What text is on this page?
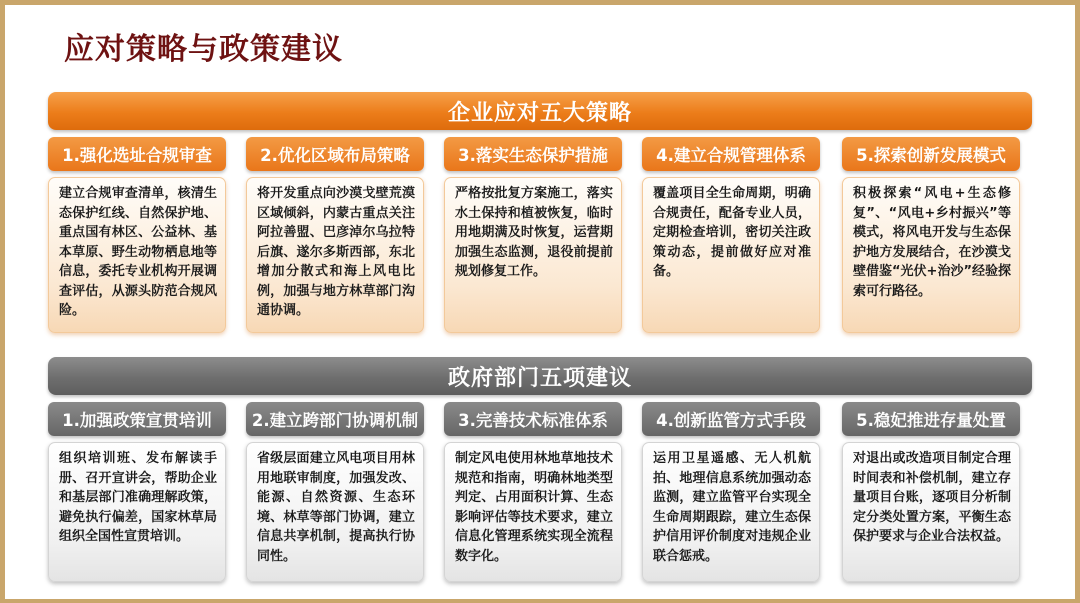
应对策略与政策建议
企业应对五大策略
1.强化选址合规审查
建立合规审查清单，核清生态保护红线、自然保护地、重点国有林区、公益林、基本草原、野生动物栖息地等信息，委托专业机构开展调查评估，从源头防范合规风险。
2.优化区域布局策略
将开发重点向沙漠戈壁荒漠区域倾斜，内蒙古重点关注阿拉善盟、巴彦淖尔乌拉特后旗、遂尔多斯西部，东北增加分散式和海上风电比例，加强与地方林草部门沟通协调。
3.落实生态保护措施
严格按批复方案施工，落实水土保持和植被恢复，临时用地期满及时恢复，运营期加强生态监测，退役前提前规划修复工作。
4.建立合规管理体系
覆盖项目全生命周期，明确合规责任，配备专业人员，定期检查培训，密切关注政策动态，提前做好应对准备。
5.探索创新发展模式
积极探索“风电+生态修复”、“风电+乡村振兴”等模式，将风电开发与生态保护地方发展结合，在沙漠戈壁借鉴“光伏+治沙”经验探索可行路径。
政府部门五项建议
1.加强政策宣贯培训
组织培训班、发布解读手册、召开宣讲会，帮助企业和基层部门准确理解政策，避免执行偏差，国家林草局组织全国性宣贯培训。
2.建立跨部门协调机制
省级层面建立风电项目用林用地联审制度，加强发改、能源、自然资源、生态环境、林草等部门协调，建立信息共享机制，提高执行协同性。
3.完善技术标准体系
制定风电使用林地草地技术规范和指南，明确林地类型判定、占用面积计算、生态影响评估等技术要求，建立信息化管理系统实现全流程数字化。
4.创新监管方式手段
运用卫星遥感、无人机航拍、地理信息系统加强动态监测，建立监管平台实现全生命周期跟踪，建立生态保护信用评价制度对违规企业联合惩戒。
5.稳妃推进存量处置
对退出或改造项目制定合理时间表和补偿机制，建立存量项目台账，逐项目分析制定分类处置方案，平衡生态保护要求与企业合法权益。
